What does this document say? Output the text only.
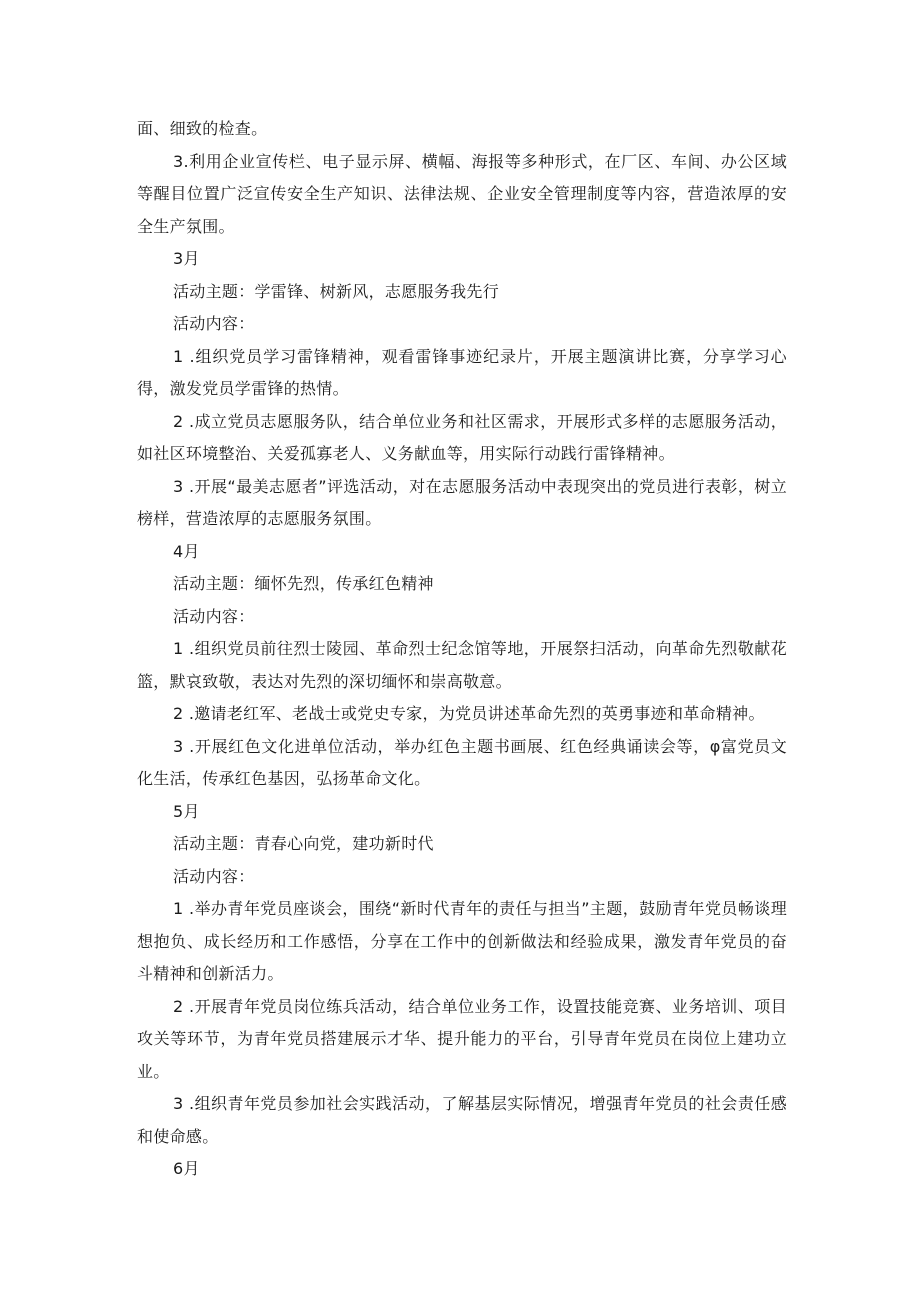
面、细致的检查。

3.利用企业宣传栏、电子显示屏、横幅、海报等多种形式，在厂区、车间、办公区域等醒目位置广泛宣传安全生产知识、法律法规、企业安全管理制度等内容，营造浓厚的安全生产氛围。

3月

活动主题：学雷锋、树新风，志愿服务我先行

活动内容：

1 .组织党员学习雷锋精神，观看雷锋事迹纪录片，开展主题演讲比赛，分享学习心得，激发党员学雷锋的热情。

2 .成立党员志愿服务队，结合单位业务和社区需求，开展形式多样的志愿服务活动，如社区环境整治、关爱孤寡老人、义务献血等，用实际行动践行雷锋精神。

3 .开展“最美志愿者”评选活动，对在志愿服务活动中表现突出的党员进行表彰，树立榜样，营造浓厚的志愿服务氛围。

4月

活动主题：缅怀先烈，传承红色精神

活动内容：

1 .组织党员前往烈士陵园、革命烈士纪念馆等地，开展祭扫活动，向革命先烈敬献花篮，默哀致敬，表达对先烈的深切缅怀和崇高敬意。

2 .邀请老红军、老战士或党史专家，为党员讲述革命先烈的英勇事迹和革命精神。

3 .开展红色文化进单位活动，举办红色主题书画展、红色经典诵读会等，φ富党员文化生活，传承红色基因，弘扬革命文化。

5月

活动主题：青春心向党，建功新时代

活动内容：

1 .举办青年党员座谈会，围绕“新时代青年的责任与担当”主题，鼓励青年党员畅谈理想抱负、成长经历和工作感悟，分享在工作中的创新做法和经验成果，激发青年党员的奋斗精神和创新活力。

2 .开展青年党员岗位练兵活动，结合单位业务工作，设置技能竞赛、业务培训、项目攻关等环节，为青年党员搭建展示才华、提升能力的平台，引导青年党员在岗位上建功立业。

3 .组织青年党员参加社会实践活动，了解基层实际情况，增强青年党员的社会责任感和使命感。

6月
